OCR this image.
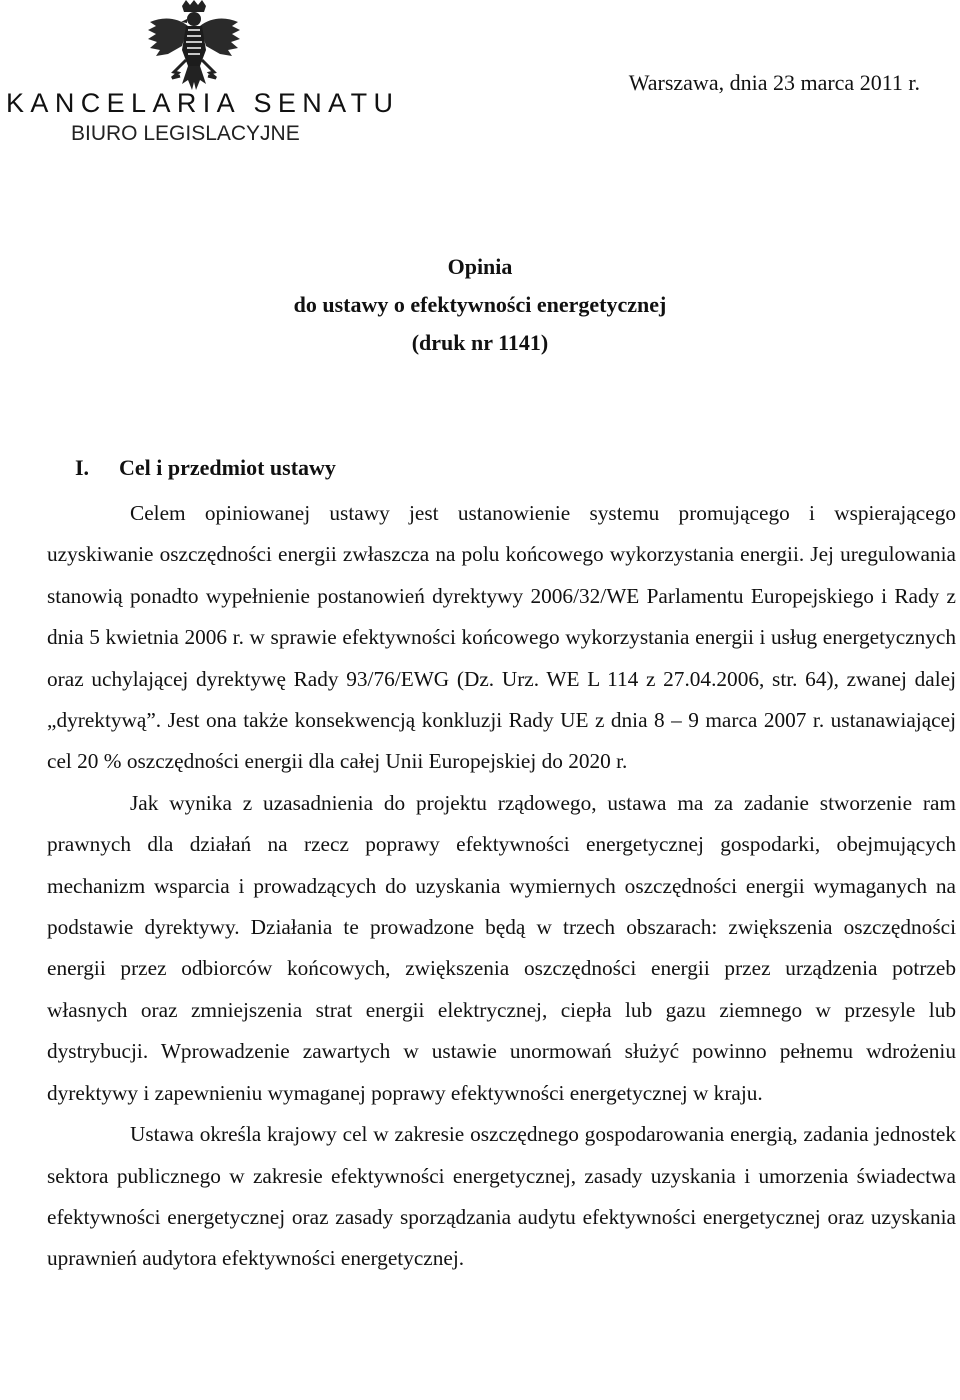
KANCELARIA SENATU
BIURO LEGISLACYJNE
Warszawa, dnia 23 marca 2011 r.
Opinia
do ustawy o efektywności energetycznej
(druk nr 1141)
I. Cel i przedmiot ustawy

Celem opiniowanej ustawy jest ustanowienie systemu promującego i wspierającego uzyskiwanie oszczędności energii zwłaszcza na polu końcowego wykorzystania energii. Jej uregulowania stanowią ponadto wypełnienie postanowień dyrektywy 2006/32/WE Parlamentu Europejskiego i Rady z dnia 5 kwietnia 2006 r. w sprawie efektywności końcowego wykorzystania energii i usług energetycznych oraz uchylającej dyrektywę Rady 93/76/EWG (Dz. Urz. WE L 114 z 27.04.2006, str. 64), zwanej dalej „dyrektywą”. Jest ona także konsekwencją konkluzji Rady UE z dnia 8 – 9 marca 2007 r. ustanawiającej cel 20 % oszczędności energii dla całej Unii Europejskiej do 2020 r.

Jak wynika z uzasadnienia do projektu rządowego, ustawa ma za zadanie stworzenie ram prawnych dla działań na rzecz poprawy efektywności energetycznej gospodarki, obejmujących mechanizm wsparcia i prowadzących do uzyskania wymiernych oszczędności energii wymaganych na podstawie dyrektywy. Działania te prowadzone będą w trzech obszarach: zwiększenia oszczędności energii przez odbiorców końcowych, zwiększenia oszczędności energii przez urządzenia potrzeb własnych oraz zmniejszenia strat energii elektrycznej, ciepła lub gazu ziemnego w przesyle lub dystrybucji. Wprowadzenie zawartych w ustawie unormowań służyć powinno pełnemu wdrożeniu dyrektywy i zapewnieniu wymaganej poprawy efektywności energetycznej w kraju.

Ustawa określa krajowy cel w zakresie oszczędnego gospodarowania energią, zadania jednostek sektora publicznego w zakresie efektywności energetycznej, zasady uzyskania i umorzenia świadectwa efektywności energetycznej oraz zasady sporządzania audytu efektywności energetycznej oraz uzyskania uprawnień audytora efektywności energetycznej.
